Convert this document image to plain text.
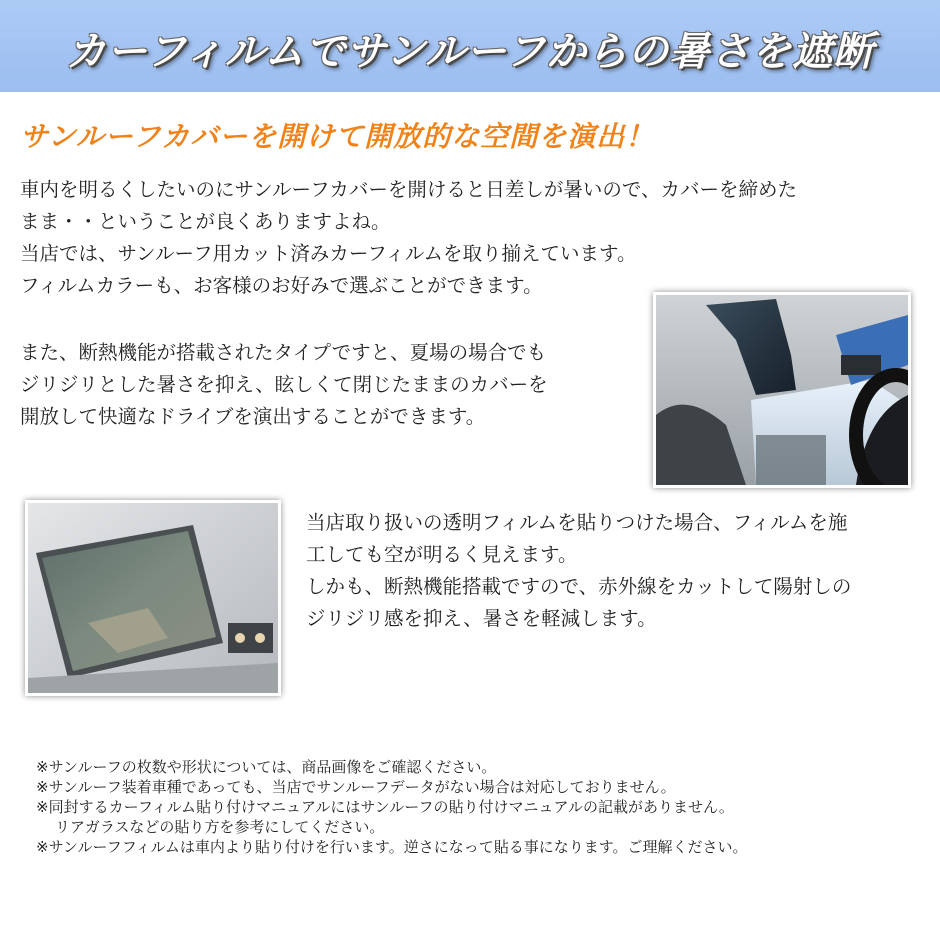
カーフィルムでサンルーフからの暑さを遮断
サンルーフカバーを開けて開放的な空間を演出！

車内を明るくしたいのにサンルーフカバーを開けると日差しが暑いので、カバーを締めた
まま・・ということが良くありますよね。
当店では、サンルーフ用カット済みカーフィルムを取り揃えています。
フィルムカラーも、お客様のお好みで選ぶことができます。

また、断熱機能が搭載されたタイプですと、夏場の場合でも
ジリジリとした暑さを抑え、眩しくて閉じたままのカバーを
開放して快適なドライブを演出することができます。

当店取り扱いの透明フィルムを貼りつけた場合、フィルムを施
工しても空が明るく見えます。
しかも、断熱機能搭載ですので、赤外線をカットして陽射しの
ジリジリ感を抑え、暑さを軽減します。

※サンルーフの枚数や形状については、商品画像をご確認ください。
※サンルーフ装着車種であっても、当店でサンルーフデータがない場合は対応しておりません。
※同封するカーフィルム貼り付けマニュアルにはサンルーフの貼り付けマニュアルの記載がありません。
リアガラスなどの貼り方を参考にしてください。
※サンルーフフィルムは車内より貼り付けを行います。逆さになって貼る事になります。ご理解ください。
